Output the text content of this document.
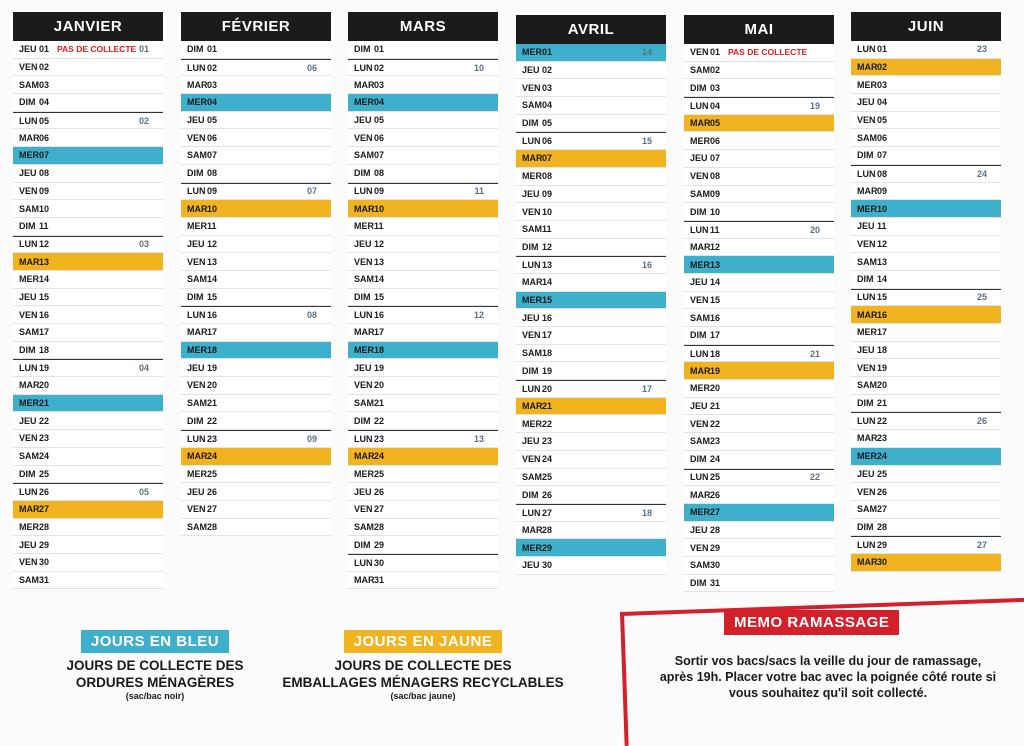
JANVIER
JEU 01 PAS DE COLLECTE 01
VEN 02
SAM 03
DIM 04
LUN 05	02
MAR 06
MER 07
JEU 08
VEN 09
SAM 10
DIM 11
LUN 12	03
MAR 13
MER 14
JEU 15
VEN 16
SAM 17
DIM 18
LUN 19	04
MAR 20
MER 21
JEU 22
VEN 23
SAM 24
DIM 25
LUN 26	05
MAR 27
MER 28
JEU 29
VEN 30
SAM 31
FÉVRIER
DIM 01
LUN 02	06
MAR 03
MER 04
JEU 05
VEN 06
SAM 07
DIM 08
LUN 09	07
MAR 10
MER 11
JEU 12
VEN 13
SAM 14
DIM 15
LUN 16	08
MAR 17
MER 18
JEU 19
VEN 20
SAM 21
DIM 22
LUN 23	09
MAR 24
MER 25
JEU 26
VEN 27
SAM 28
MARS
DIM 01
LUN 02	10
MAR 03
MER 04
JEU 05
VEN 06
SAM 07
DIM 08
LUN 09	11
MAR 10
MER 11
JEU 12
VEN 13
SAM 14
DIM 15
LUN 16	12
MAR 17
MER 18
JEU 19
VEN 20
SAM 21
DIM 22
LUN 23	13
MAR 24
MER 25
JEU 26
VEN 27
SAM 28
DIM 29
LUN 30
MAR 31
AVRIL
MER 01	14
JEU 02
VEN 03
SAM 04
DIM 05
LUN 06	15
MAR 07
MER 08
JEU 09
VEN 10
SAM 11
DIM 12
LUN 13	16
MAR 14
MER 15
JEU 16
VEN 17
SAM 18
DIM 19
LUN 20	17
MAR 21
MER 22
JEU 23
VEN 24
SAM 25
DIM 26
LUN 27	18
MAR 28
MER 29
JEU 30
MAI
VEN 01 PAS DE COLLECTE
SAM 02
DIM 03
LUN 04	19
MAR 05
MER 06
JEU 07
VEN 08
SAM 09
DIM 10
LUN 11	20
MAR 12
MER 13
JEU 14
VEN 15
SAM 16
DIM 17
LUN 18	21
MAR 19
MER 20
JEU 21
VEN 22
SAM 23
DIM 24
LUN 25	22
MAR 26
MER 27
JEU 28
VEN 29
SAM 30
DIM 31
JUIN
LUN 01	23
MAR 02
MER 03
JEU 04
VEN 05
SAM 06
DIM 07
LUN 08	24
MAR 09
MER 10
JEU 11
VEN 12
SAM 13
DIM 14
LUN 15	25
MAR 16
MER 17
JEU 18
VEN 19
SAM 20
DIM 21
LUN 22	26
MAR 23
MER 24
JEU 25
VEN 26
SAM 27
DIM 28
LUN 29	27
MAR 30
JOURS EN BLEU
JOURS DE COLLECTE DES
ORDURES MÉNAGÈRES
(sac/bac noir)
JOURS EN JAUNE
JOURS DE COLLECTE DES
EMBALLAGES MÉNAGERS RECYCLABLES
(sac/bac jaune)
MEMO RAMASSAGE
Sortir vos bacs/sacs la veille du jour de ramassage, après 19h. Placer votre bac avec la poignée côté route si vous souhaitez qu'il soit collecté.
